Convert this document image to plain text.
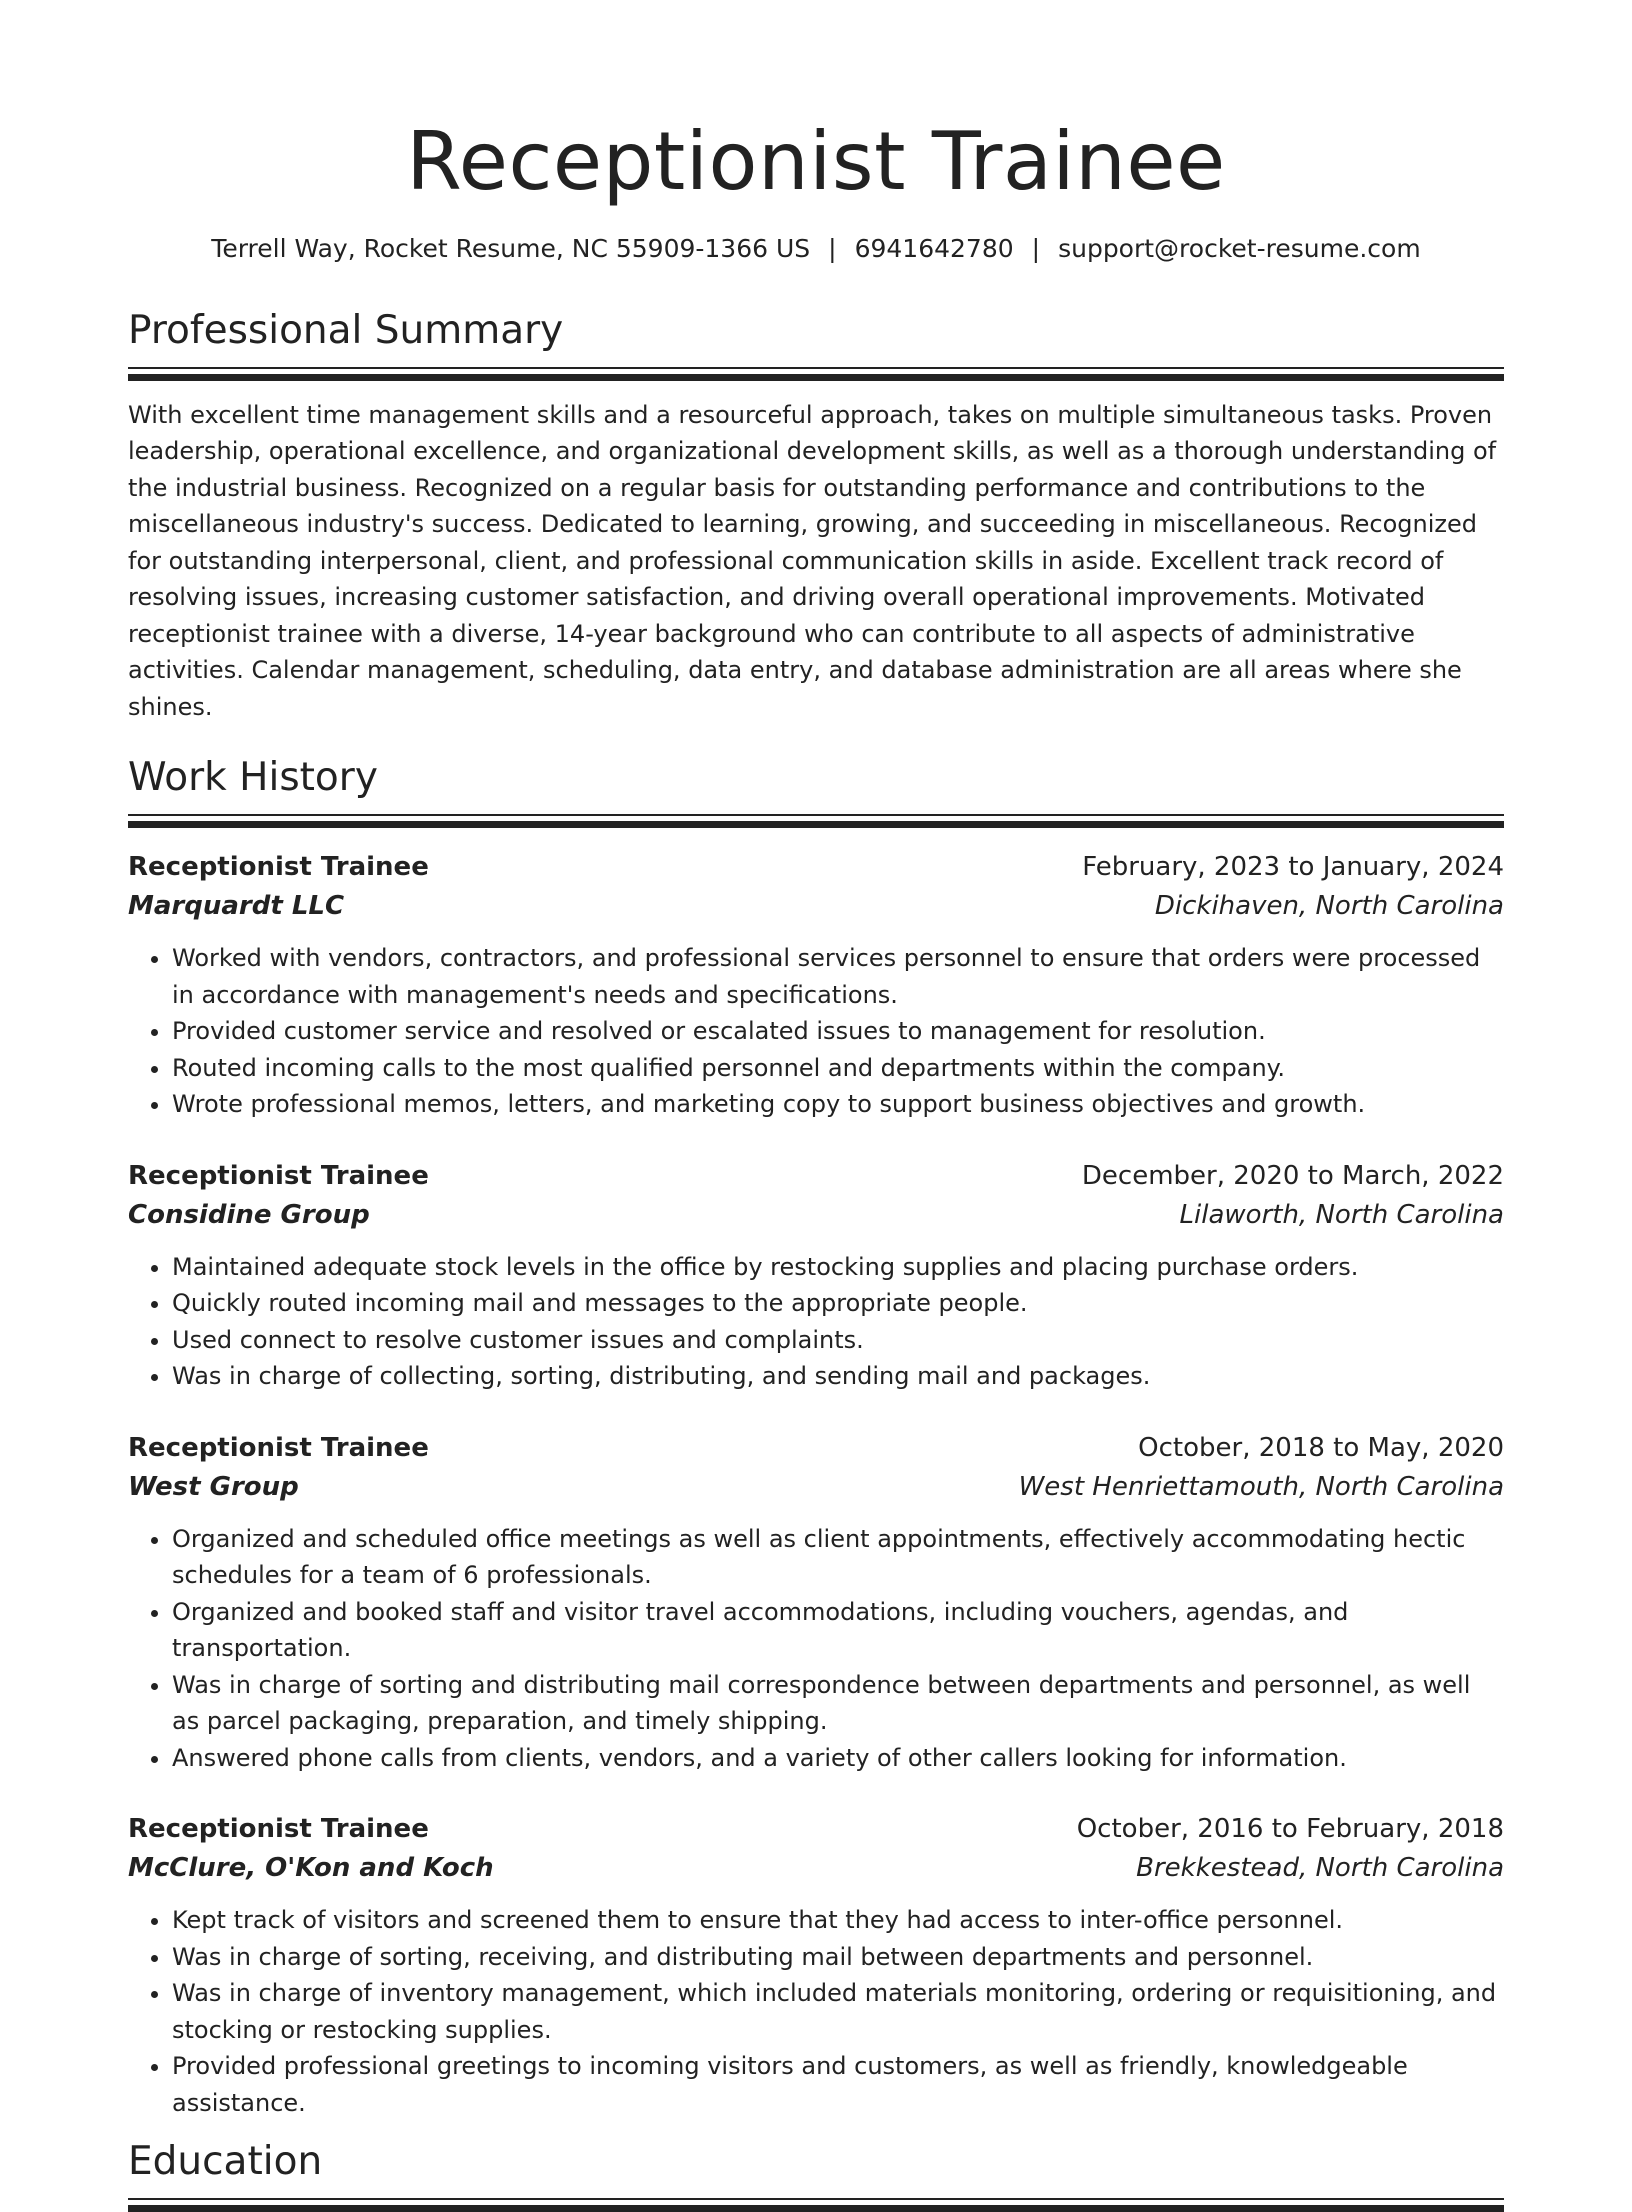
Receptionist Trainee
Terrell Way, Rocket Resume, NC 55909-1366 US | 6941642780 | support@rocket-resume.com
Professional Summary

With excellent time management skills and a resourceful approach, takes on multiple simultaneous tasks. Proven leadership, operational excellence, and organizational development skills, as well as a thorough understanding of the industrial business. Recognized on a regular basis for outstanding performance and contributions to the miscellaneous industry's success. Dedicated to learning, growing, and succeeding in miscellaneous. Recognized for outstanding interpersonal, client, and professional communication skills in aside. Excellent track record of resolving issues, increasing customer satisfaction, and driving overall operational improvements. Motivated receptionist trainee with a diverse, 14-year background who can contribute to all aspects of administrative activities. Calendar management, scheduling, data entry, and database administration are all areas where she shines.

Work History
Receptionist Trainee	February, 2023 to January, 2024
Marquardt LLC	Dickihaven, North Carolina
• Worked with vendors, contractors, and professional services personnel to ensure that orders were processed in accordance with management's needs and specifications.
• Provided customer service and resolved or escalated issues to management for resolution.
• Routed incoming calls to the most qualified personnel and departments within the company.
• Wrote professional memos, letters, and marketing copy to support business objectives and growth.
Receptionist Trainee	December, 2020 to March, 2022
Considine Group	Lilaworth, North Carolina
• Maintained adequate stock levels in the office by restocking supplies and placing purchase orders.
• Quickly routed incoming mail and messages to the appropriate people.
• Used connect to resolve customer issues and complaints.
• Was in charge of collecting, sorting, distributing, and sending mail and packages.
Receptionist Trainee	October, 2018 to May, 2020
West Group	West Henriettamouth, North Carolina
• Organized and scheduled office meetings as well as client appointments, effectively accommodating hectic schedules for a team of 6 professionals.
• Organized and booked staff and visitor travel accommodations, including vouchers, agendas, and transportation.
• Was in charge of sorting and distributing mail correspondence between departments and personnel, as well as parcel packaging, preparation, and timely shipping.
• Answered phone calls from clients, vendors, and a variety of other callers looking for information.
Receptionist Trainee	October, 2016 to February, 2018
McClure, O'Kon and Koch	Brekkestead, North Carolina
• Kept track of visitors and screened them to ensure that they had access to inter-office personnel.
• Was in charge of sorting, receiving, and distributing mail between departments and personnel.
• Was in charge of inventory management, which included materials monitoring, ordering or requisitioning, and stocking or restocking supplies.
• Provided professional greetings to incoming visitors and customers, as well as friendly, knowledgeable assistance.
Education
